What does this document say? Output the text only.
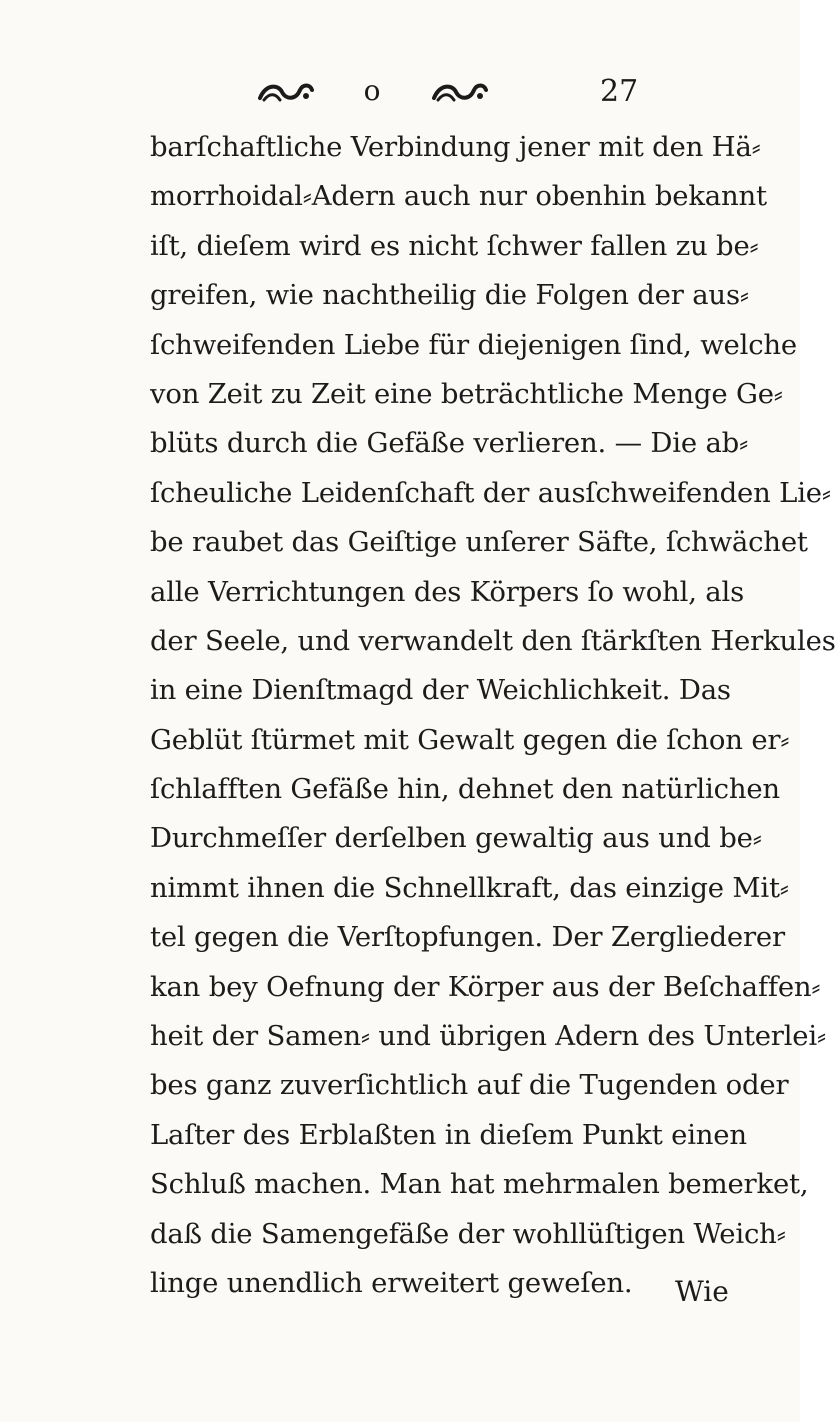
o	27
barſchaftliche Verbindung jener mit den Hä⸗
morrhoidal⸗Adern auch nur obenhin bekannt
iſt, dieſem wird es nicht ſchwer fallen zu be⸗
greifen, wie nachtheilig die Folgen der aus⸗
ſchweifenden Liebe für diejenigen ſind, welche
von Zeit zu Zeit eine beträchtliche Menge Ge⸗
blüts durch die Gefäße verlieren. — Die ab⸗
ſcheuliche Leidenſchaft der ausſchweifenden Lie⸗
be raubet das Geiſtige unſerer Säfte, ſchwächet
alle Verrichtungen des Körpers ſo wohl, als
der Seele, und verwandelt den ſtärkſten Herkules
in eine Dienſtmagd der Weichlichkeit. Das
Geblüt ſtürmet mit Gewalt gegen die ſchon er⸗
ſchlafften Gefäße hin, dehnet den natürlichen
Durchmeſſer derſelben gewaltig aus und be⸗
nimmt ihnen die Schnellkraft, das einzige Mit⸗
tel gegen die Verſtopfungen. Der Zergliederer
kan bey Oefnung der Körper aus der Beſchaffen⸗
heit der Samen⸗ und übrigen Adern des Unterlei⸗
bes ganz zuverſichtlich auf die Tugenden oder
Laſter des Erblaßten in dieſem Punkt einen
Schluß machen. Man hat mehrmalen bemerket,
daß die Samengefäße der wohllüſtigen Weich⸗
linge unendlich erweitert geweſen.	Wie
